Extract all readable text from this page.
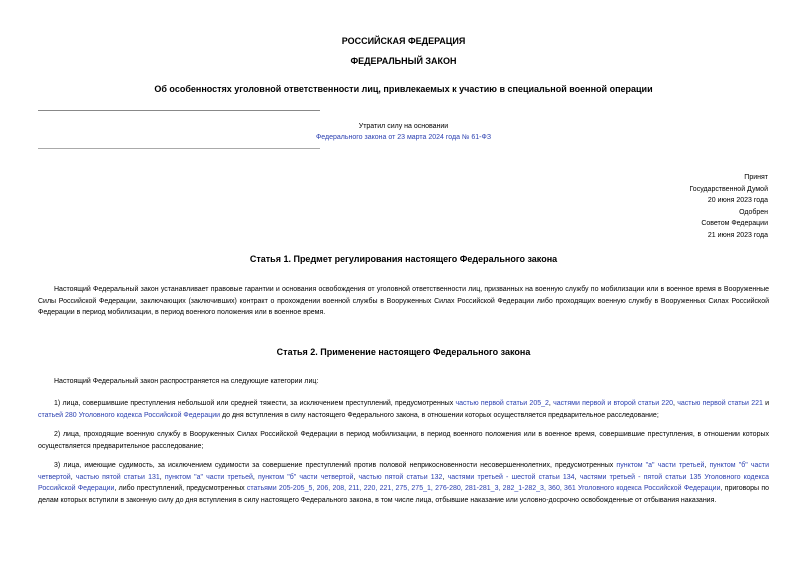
РОССИЙСКАЯ ФЕДЕРАЦИЯ
ФЕДЕРАЛЬНЫЙ ЗАКОН
Об особенностях уголовной ответственности лиц, привлекаемых к участию в специальной военной операции
Утратил силу на основании
Федерального закона от 23 марта 2024 года № 61-ФЗ
Принят
Государственной Думой
20 июня 2023 года
Одобрен
Советом Федерации
21 июня 2023 года
Статья 1. Предмет регулирования настоящего Федерального закона
Настоящий Федеральный закон устанавливает правовые гарантии и основания освобождения от уголовной ответственности лиц, призванных на военную службу по мобилизации или в военное время в Вооруженные Силы Российской Федерации, заключающих (заключивших) контракт о прохождении военной службы в Вооруженных Силах Российской Федерации либо проходящих военную службу в Вооруженных Силах Российской Федерации в период мобилизации, в период военного положения или в военное время.
Статья 2. Применение настоящего Федерального закона
Настоящий Федеральный закон распространяется на следующие категории лиц:
1) лица, совершившие преступления небольшой или средней тяжести, за исключением преступлений, предусмотренных частью первой статьи 205_2, частями первой и второй статьи 220, частью первой статьи 221 и статьей 280 Уголовного кодекса Российской Федерации до дня вступления в силу настоящего Федерального закона, в отношении которых осуществляется предварительное расследование;
2) лица, проходящие военную службу в Вооруженных Силах Российской Федерации в период мобилизации, в период военного положения или в военное время, совершившие преступления, в отношении которых осуществляется предварительное расследование;
3) лица, имеющие судимость, за исключением судимости за совершение преступлений против половой неприкосновенности несовершеннолетних, предусмотренных пунктом "а" части третьей, пунктом "б" части четвертой, частью пятой статьи 131, пунктом "а" части третьей, пунктом "б" части четвертой, частью пятой статьи 132, частями третьей - шестой статьи 134, частями третьей - пятой статьи 135 Уголовного кодекса Российской Федерации, либо преступлений, предусмотренных статьями 205-205_5, 206, 208, 211, 220, 221, 275, 275_1, 276-280, 281-281_3, 282_1-282_3, 360, 361 Уголовного кодекса Российской Федерации, приговоры по делам которых вступили в законную силу до дня вступления в силу настоящего Федерального закона, в том числе лица, отбывшие наказание или условно-досрочно освобожденные от отбывания наказания.
